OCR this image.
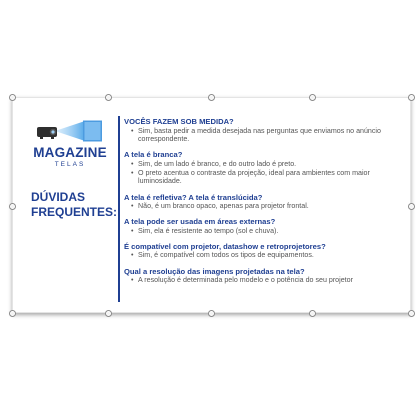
MAGAZINE
TELAS
DÚVIDAS FREQUENTES:
VOCÊS FAZEM SOB MEDIDA?
• Sim, basta pedir a medida desejada nas perguntas que enviamos no anúncio correspondente.
A tela é branca?
• Sim, de um lado é branco, e do outro lado é preto.
• O preto acentua o contraste da projeção, ideal para ambientes com maior luminosidade.
A tela é refletiva? A tela é translúcida?
• Não, é um branco opaco, apenas para projetor frontal.
A tela pode ser usada em áreas externas?
• Sim, ela é resistente ao tempo (sol e chuva).
É compatível com projetor, datashow e retroprojetores?
• Sim, é compatível com todos os tipos de equipamentos.
Qual a resolução das imagens projetadas na tela?
• A resolução é determinada pelo modelo e o potência do seu projetor
